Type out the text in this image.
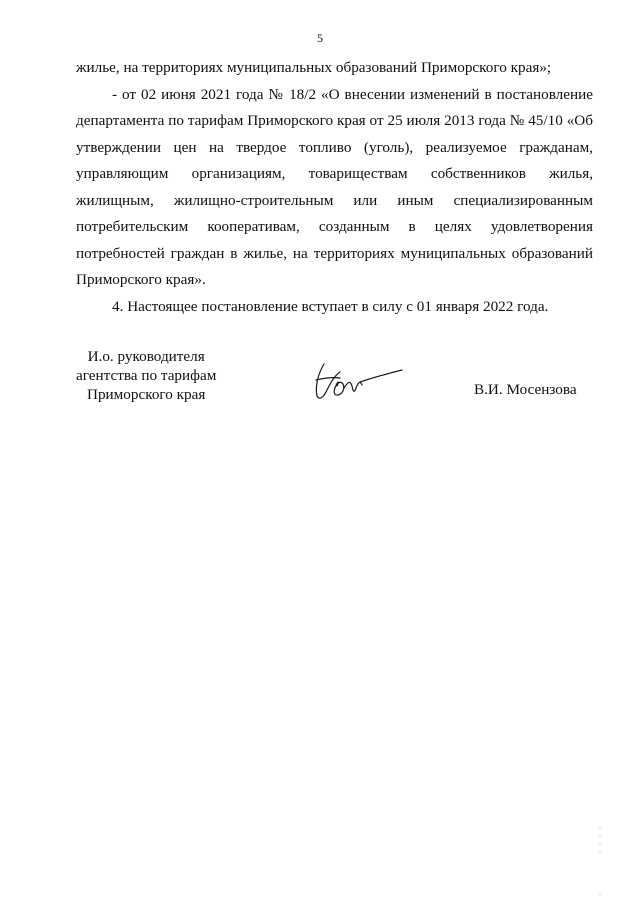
5

жилье, на территориях муниципальных образований Приморского края»;

- от 02 июня 2021 года № 18/2 «О внесении изменений в постановление департамента по тарифам Приморского края от 25 июля 2013 года № 45/10 «Об утверждении цен на твердое топливо (уголь), реализуемое гражданам, управляющим организациям, товариществам собственников жилья, жилищным, жилищно-строительным или иным специализированным потребительским кооперативам, созданным в целях удовлетворения потребностей граждан в жилье, на территориях муниципальных образований Приморского края».

4. Настоящее постановление вступает в силу с 01 января 2022 года.

И.о. руководителя
агентства по тарифам
Приморского края	В.И. Мосензова
